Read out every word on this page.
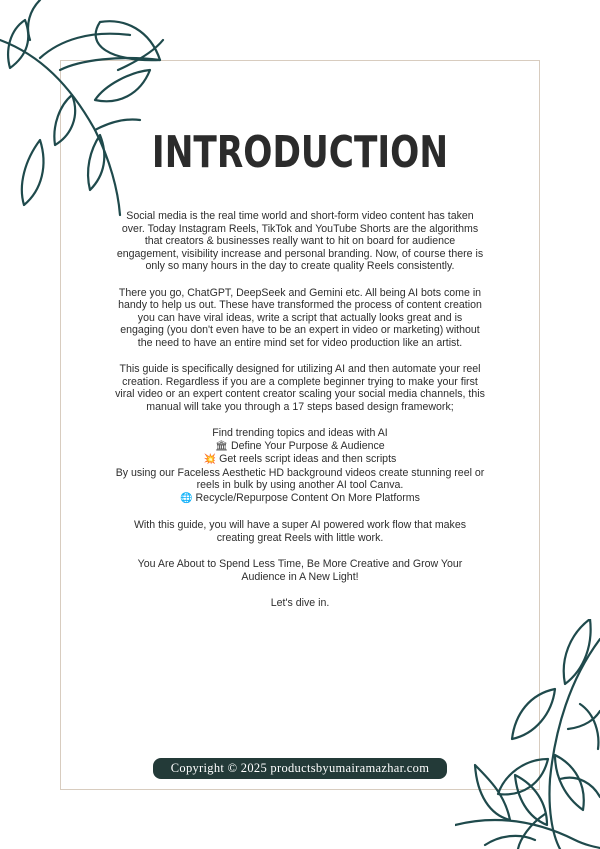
INTRODUCTION

Social media is the real time world and short-form video content has taken over. Today Instagram Reels, TikTok and YouTube Shorts are the algorithms that creators & businesses really want to hit on board for audience engagement, visibility increase and personal branding. Now, of course there is only so many hours in the day to create quality Reels consistently.

There you go, ChatGPT, DeepSeek and Gemini etc. All being AI bots come in handy to help us out. These have transformed the process of content creation you can have viral ideas, write a script that actually looks great and is engaging (you don't even have to be an expert in video or marketing) without the need to have an entire mind set for video production like an artist.

This guide is specifically designed for utilizing AI and then automate your reel creation. Regardless if you are a complete beginner trying to make your first viral video or an expert content creator scaling your social media channels, this manual will take you through a 17 steps based design framework;

Find trending topics and ideas with AI
🏛 Define Your Purpose & Audience
💥 Get reels script ideas and then scripts
By using our Faceless Aesthetic HD background videos create stunning reel or reels in bulk by using another AI tool Canva.
🌐 Recycle/Repurpose Content On More Platforms

With this guide, you will have a super AI powered work flow that makes creating great Reels with little work.

You Are About to Spend Less Time, Be More Creative and Grow Your Audience in A New Light!

Let's dive in.

Copyright © 2025 productsbyumairamazhar.com
